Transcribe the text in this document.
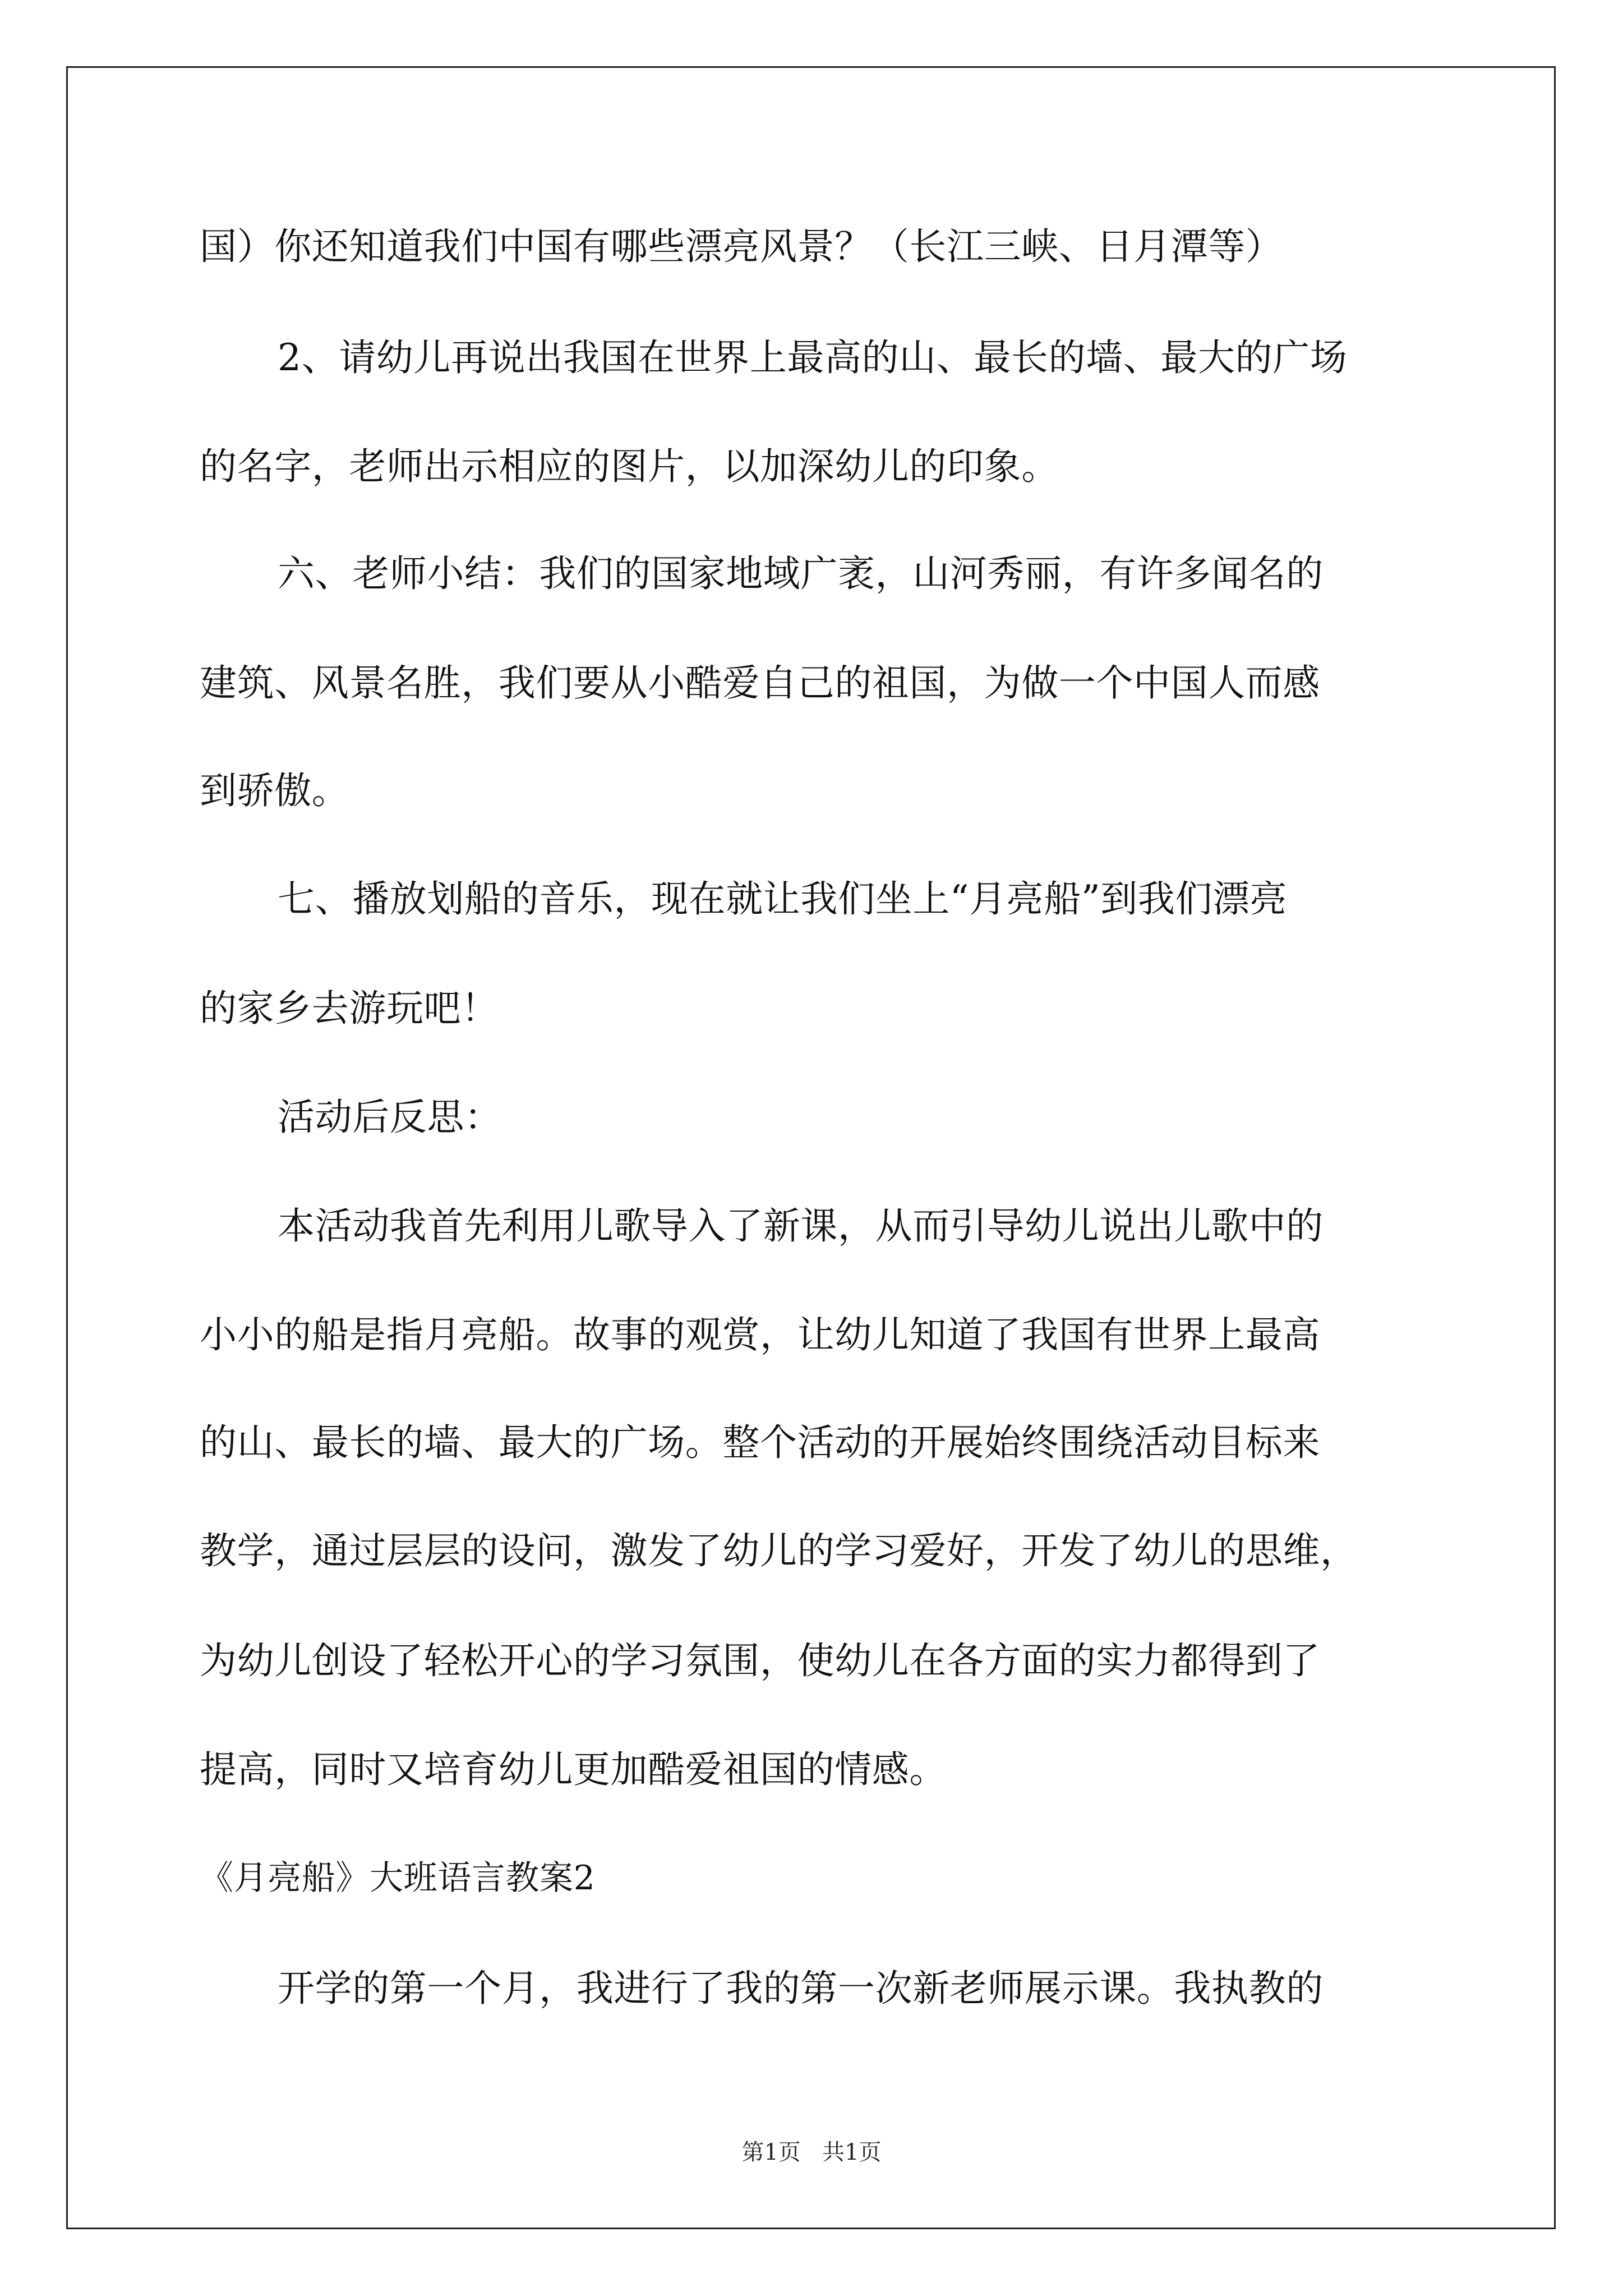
国）你还知道我们中国有哪些漂亮风景？（长江三峡、日月潭等）
2、请幼儿再说出我国在世界上最高的山、最长的墙、最大的广场
的名字，老师出示相应的图片，以加深幼儿的印象。
六、老师小结：我们的国家地域广袤，山河秀丽，有许多闻名的
建筑、风景名胜，我们要从小酷爱自己的祖国，为做一个中国人而感
到骄傲。
七、播放划船的音乐，现在就让我们坐上“月亮船”到我们漂亮
的家乡去游玩吧！
活动后反思：
本活动我首先利用儿歌导入了新课，从而引导幼儿说出儿歌中的
小小的船是指月亮船。故事的观赏，让幼儿知道了我国有世界上最高
的山、最长的墙、最大的广场。整个活动的开展始终围绕活动目标来
教学，通过层层的设问，激发了幼儿的学习爱好，开发了幼儿的思维，
为幼儿创设了轻松开心的学习氛围，使幼儿在各方面的实力都得到了
提高，同时又培育幼儿更加酷爱祖国的情感。
《月亮船》大班语言教案2
开学的第一个月，我进行了我的第一次新老师展示课。我执教的
第1页   共1页
